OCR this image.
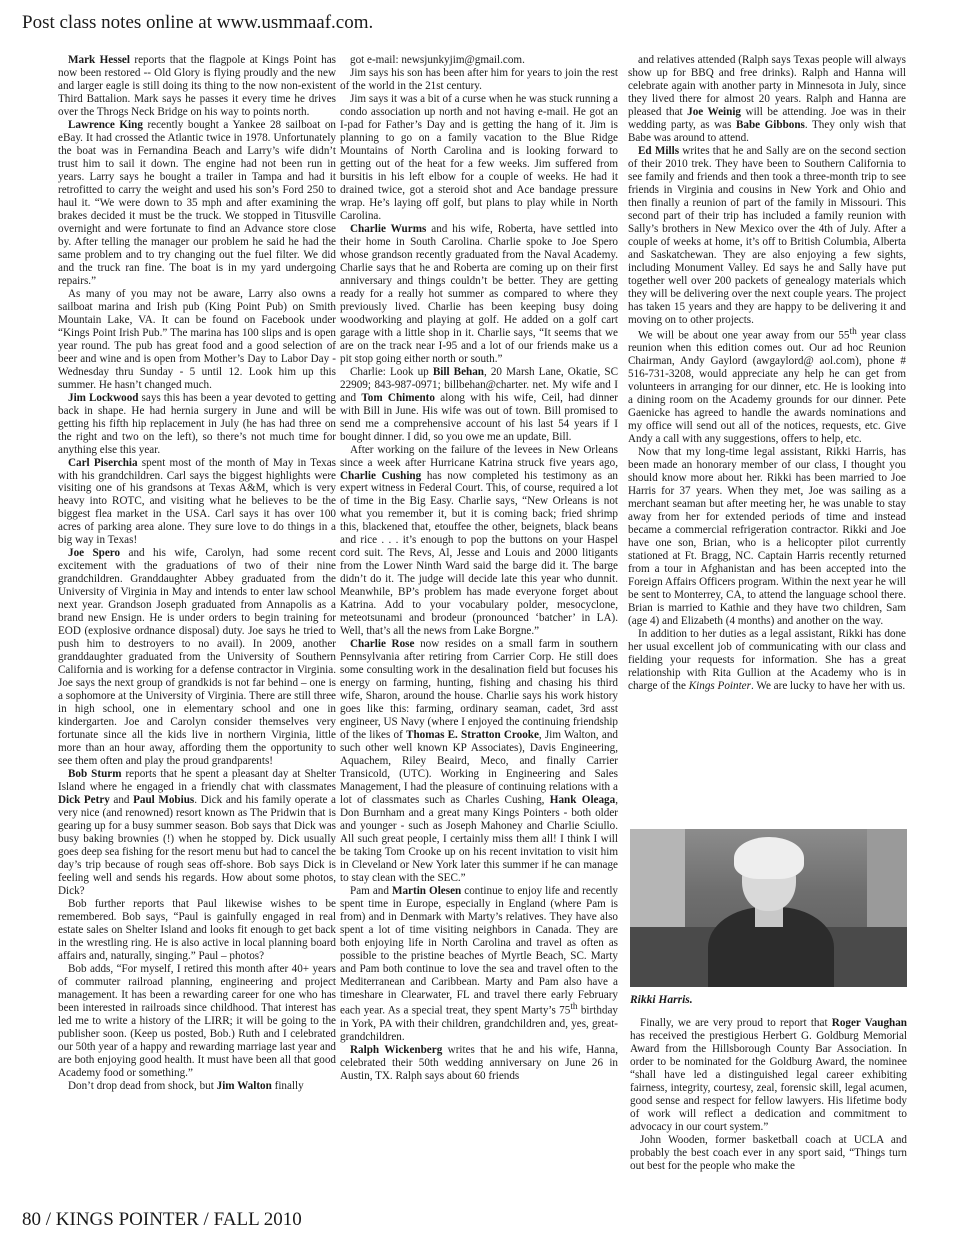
Post class notes online at www.usmmaaf.com.

Mark Hessel reports that the flagpole at Kings Point has now been restored -- Old Glory is flying proudly and the new and larger eagle is still doing its thing to the now non-existent Third Battalion. Mark says he passes it every time he drives over the Throgs Neck Bridge on his way to points north.

Lawrence King recently bought a Yankee 28 sailboat on eBay. It had crossed the Atlantic twice in 1978. Unfortunately the boat was in Fernandina Beach and Larry’s wife didn’t trust him to sail it down. The engine had not been run in years. Larry says he bought a trailer in Tampa and had it retrofitted to carry the weight and used his son’s Ford 250 to haul it. “We were down to 35 mph and after examining the brakes decided it must be the truck. We stopped in Titusville overnight and were fortunate to find an Advance store close by. After telling the manager our problem he said he had the same problem and to try changing out the fuel filter. We did and the truck ran fine. The boat is in my yard undergoing repairs.”

As many of you may not be aware, Larry also owns a sailboat marina and Irish pub (King Point Pub) on Smith Mountain Lake, VA. It can be found on Facebook under “Kings Point Irish Pub.” The marina has 100 slips and is open year round. The pub has great food and a good selection of beer and wine and is open from Mother’s Day to Labor Day - Wednesday thru Sunday - 5 until 12. Look him up this summer. He hasn’t changed much.

Jim Lockwood says this has been a year devoted to getting back in shape. He had hernia surgery in June and will be getting his fifth hip replacement in July (he has had three on the right and two on the left), so there’s not much time for anything else this year.

Carl Piserchia spent most of the month of May in Texas with his grandchildren. Carl says the biggest highlights were visiting one of his grandsons at Texas A&M, which is very heavy into ROTC, and visiting what he believes to be the biggest flea market in the USA. Carl says it has over 100 acres of parking area alone. They sure love to do things in a big way in Texas!

Joe Spero and his wife, Carolyn, had some recent excitement with the graduations of two of their nine grandchildren. Granddaughter Abbey graduated from the University of Virginia in May and intends to enter law school next year. Grandson Joseph graduated from Annapolis as a brand new Ensign. He is under orders to begin training for EOD (explosive ordnance disposal) duty. Joe says he tried to push him to destroyers to no avail). In 2009, another granddaughter graduated from the University of Southern California and is working for a defense contractor in Virginia. Joe says the next group of grandkids is not far behind – one is a sophomore at the University of Virginia. There are still three in high school, one in elementary school and one in kindergarten. Joe and Carolyn consider themselves very fortunate since all the kids live in northern Virginia, little more than an hour away, affording them the opportunity to see them often and play the proud grandparents!

Bob Sturm reports that he spent a pleasant day at Shelter Island where he engaged in a friendly chat with classmates Dick Petry and Paul Mobius. Dick and his family operate a very nice (and renowned) resort known as The Pridwin that is gearing up for a busy summer season. Bob says that Dick was busy baking brownies (!) when he stopped by. Dick usually goes deep sea fishing for the resort menu but had to cancel the day’s trip because of rough seas off-shore. Bob says Dick is feeling well and sends his regards. How about some photos, Dick?

Bob further reports that Paul likewise wishes to be remembered. Bob says, “Paul is gainfully engaged in real estate sales on Shelter Island and looks fit enough to get back in the wrestling ring. He is also active in local planning board affairs and, naturally, singing.” Paul – photos?

Bob adds, “For myself, I retired this month after 40+ years of commuter railroad planning, engineering and project management. It has been a rewarding career for one who has been interested in railroads since childhood. That interest has led me to write a history of the LIRR; it will be going to the publisher soon. (Keep us posted, Bob.) Ruth and I celebrated our 50th year of a happy and rewarding marriage last year and are both enjoying good health. It must have been all that good Academy food or something.”

Don’t drop dead from shock, but Jim Walton finally

got e-mail: newsjunkyjim@gmail.com.

Jim says his son has been after him for years to join the rest of the world in the 21st century.

Jim says it was a bit of a curse when he was stuck running a condo association up north and not having e-mail. He got an I-pad for Father’s Day and is getting the hang of it. Jim is planning to go on a family vacation to the Blue Ridge Mountains of North Carolina and is looking forward to getting out of the heat for a few weeks. Jim suffered from bursitis in his left elbow for a couple of weeks. He had it drained twice, got a steroid shot and Ace bandage pressure wrap. He’s laying off golf, but plans to play while in North Carolina.

Charlie Wurms and his wife, Roberta, have settled into their home in South Carolina. Charlie spoke to Joe Spero whose grandson recently graduated from the Naval Academy. Charlie says that he and Roberta are coming up on their first anniversary and things couldn’t be better. They are getting ready for a really hot summer as compared to where they previously lived. Charlie has been keeping busy doing woodworking and playing at golf. He added on a golf cart garage with a little shop in it. Charlie says, “It seems that we are on the track near I-95 and a lot of our friends make us a pit stop going either north or south.”

Charlie: Look up Bill Behan, 20 Marsh Lane, Okatie, SC 22909; 843-987-0971; billbehan@charter. net. My wife and I and Tom Chimento along with his wife, Ceil, had dinner with Bill in June. His wife was out of town. Bill promised to send me a comprehensive account of his last 54 years if I bought dinner. I did, so you owe me an update, Bill.

After working on the failure of the levees in New Orleans since a week after Hurricane Katrina struck five years ago, Charlie Cushing has now completed his testimony as an expert witness in Federal Court. This, of course, required a lot of time in the Big Easy. Charlie says, “New Orleans is not what you remember it, but it is coming back; fried shrimp this, blackened that, etouffee the other, beignets, black beans and rice . . . it’s enough to pop the buttons on your Haspel cord suit. The Revs, Al, Jesse and Louis and 2000 litigants from the Lower Ninth Ward said the barge did it. The barge didn’t do it. The judge will decide late this year who dunnit. Meanwhile, BP’s problem has made everyone forget about Katrina. Add to your vocabulary polder, mesocyclone, meteotsunami and brodeur (pronounced ‘batcher’ in LA). Well, that’s all the news from Lake Borgne.”

Charlie Rose now resides on a small farm in southern Pennsylvania after retiring from Carrier Corp. He still does some consulting work in the desalination field but focuses his energy on farming, hunting, fishing and chasing his third wife, Sharon, around the house. Charlie says his work history goes like this: farming, ordinary seaman, cadet, 3rd asst engineer, US Navy (where I enjoyed the continuing friendship of the likes of Thomas E. Stratton Crooke, Jim Walton, and such other well known KP Associates), Davis Engineering, Aquachem, Riley Beaird, Meco, and finally Carrier Transicold, (UTC). Working in Engineering and Sales Management, I had the pleasure of continuing relations with a lot of classmates such as Charles Cushing, Hank Oleaga, Don Burnham and a great many Kings Pointers - both older and younger - such as Joseph Mahoney and Charlie Sciullo. All such great people, I certainly miss them all! I think I will be taking Tom Crooke up on his recent invitation to visit him in Cleveland or New York later this summer if he can manage to stay clean with the SEC.”

Pam and Martin Olesen continue to enjoy life and recently spent time in Europe, especially in England (where Pam is from) and in Denmark with Marty’s relatives. They have also spent a lot of time visiting neighbors in Canada. They are both enjoying life in North Carolina and travel as often as possible to the pristine beaches of Myrtle Beach, SC. Marty and Pam both continue to love the sea and travel often to the Mediterranean and Caribbean. Marty and Pam also have a timeshare in Clearwater, FL and travel there early February each year. As a special treat, they spent Marty’s 75th birthday in York, PA with their children, grandchildren and, yes, great-grandchildren.

Ralph Wickenberg writes that he and his wife, Hanna, celebrated their 50th wedding anniversary on June 26 in Austin, TX. Ralph says about 60 friends

and relatives attended (Ralph says Texas people will always show up for BBQ and free drinks). Ralph and Hanna will celebrate again with another party in Minnesota in July, since they lived there for almost 20 years. Ralph and Hanna are pleased that Joe Weinig will be attending. Joe was in their wedding party, as was Babe Gibbons. They only wish that Babe was around to attend.

Ed Mills writes that he and Sally are on the second section of their 2010 trek. They have been to Southern California to see family and friends and then took a three-month trip to see friends in Virginia and cousins in New York and Ohio and then finally a reunion of part of the family in Missouri. This second part of their trip has included a family reunion with Sally’s brothers in New Mexico over the 4th of July. After a couple of weeks at home, it’s off to British Columbia, Alberta and Saskatchewan. They are also enjoying a few sights, including Monument Valley. Ed says he and Sally have put together well over 200 packets of genealogy materials which they will be delivering over the next couple years. The project has taken 15 years and they are happy to be delivering it and moving on to other projects.

We will be about one year away from our 55th year class reunion when this edition comes out. Our ad hoc Reunion Chairman, Andy Gaylord (awgaylord@ aol.com), phone # 516-731-3208, would appreciate any help he can get from volunteers in arranging for our dinner, etc. He is looking into a dining room on the Academy grounds for our dinner. Pete Gaenicke has agreed to handle the awards nominations and my office will send out all of the notices, requests, etc. Give Andy a call with any suggestions, offers to help, etc.

Now that my long-time legal assistant, Rikki Harris, has been made an honorary member of our class, I thought you should know more about her. Rikki has been married to Joe Harris for 37 years. When they met, Joe was sailing as a merchant seaman but after meeting her, he was unable to stay away from her for extended periods of time and instead became a commercial refrigeration contractor. Rikki and Joe have one son, Brian, who is a helicopter pilot currently stationed at Ft. Bragg, NC. Captain Harris recently returned from a tour in Afghanistan and has been accepted into the Foreign Affairs Officers program. Within the next year he will be sent to Monterrey, CA, to attend the language school there. Brian is married to Kathie and they have two children, Sam (age 4) and Elizabeth (4 months) and another on the way.

In addition to her duties as a legal assistant, Rikki has done her usual excellent job of communicating with our class and fielding your requests for information. She has a great relationship with Rita Gullion at the Academy who is in charge of the Kings Pointer. We are lucky to have her with us.

Rikki Harris.

Finally, we are very proud to report that Roger Vaughan has received the prestigious Herbert G. Goldburg Memorial Award from the Hillsborough County Bar Association. In order to be nominated for the Goldburg Award, the nominee “shall have led a distinguished legal career exhibiting fairness, integrity, courtesy, zeal, forensic skill, legal acumen, good sense and respect for fellow lawyers. His lifetime body of work will reflect a dedication and commitment to advocacy in our court system.”

John Wooden, former basketball coach at UCLA and probably the best coach ever in any sport said, “Things turn out best for the people who make the

80 / KINGS POINTER / FALL 2010
